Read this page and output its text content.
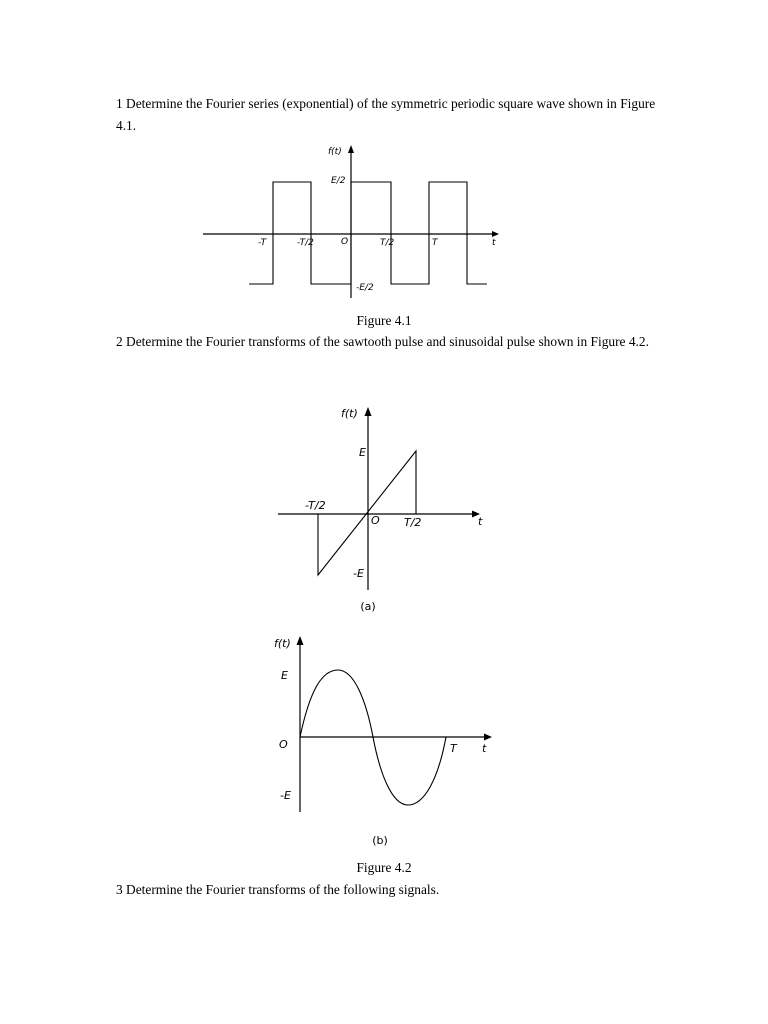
1 Determine the Fourier series (exponential) of the symmetric periodic square wave shown in Figure 4.1.

f(t)
E/2
-E/2
O	t
-T	-T/2	T/2	T

Figure 4.1

2 Determine the Fourier transforms of the sawtooth pulse and sinusoidal pulse shown in Figure 4.2.

f(t)
E
-E
O
-T/2
T/2	t
(a)
f(t)
E
O
-E
T t
(b)

Figure 4.2

3 Determine the Fourier transforms of the following signals.
